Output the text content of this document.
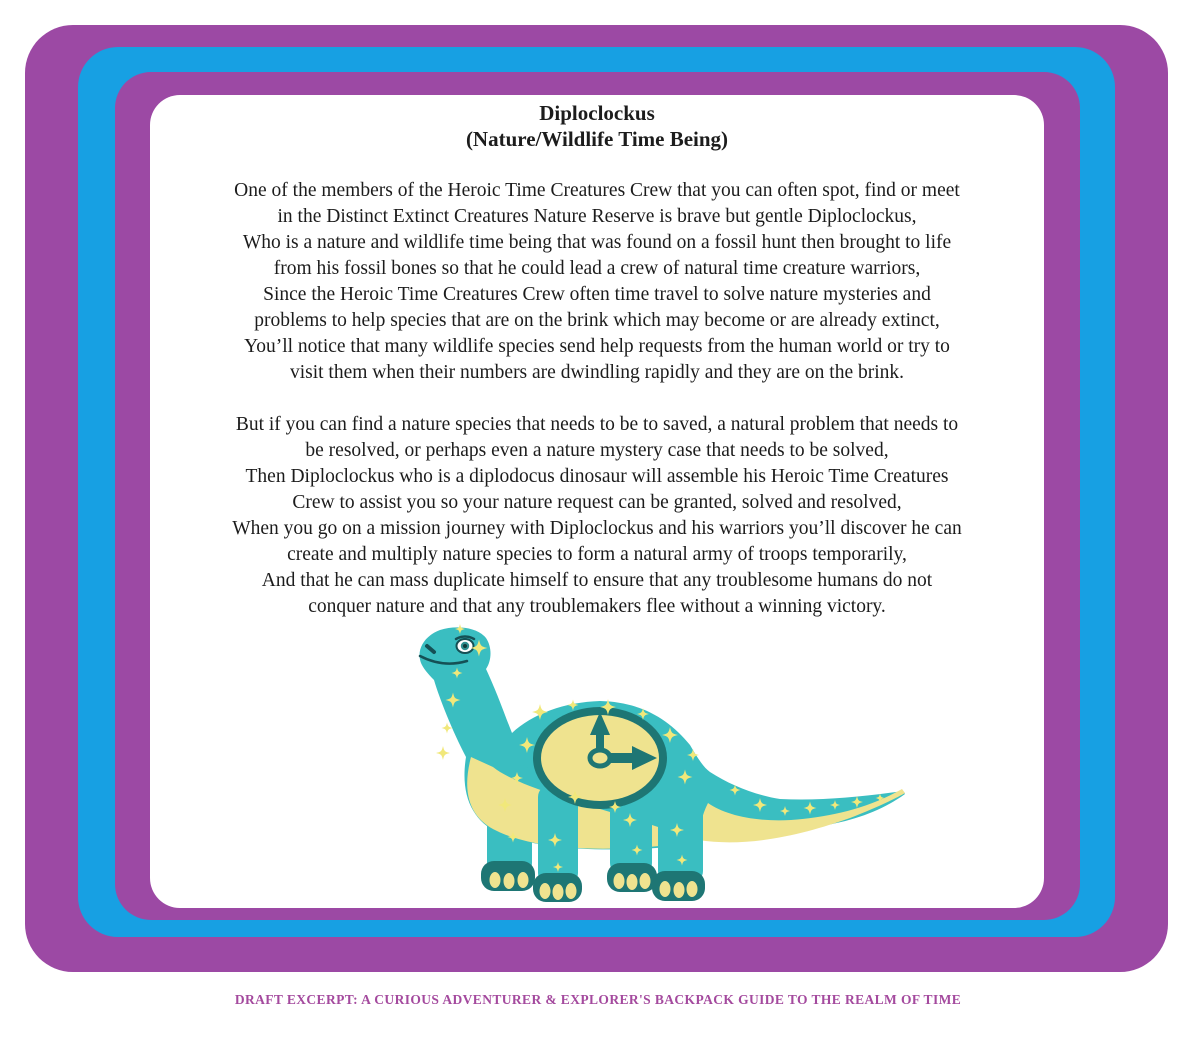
Diploclockus
(Nature/Wildlife Time Being)
One of the members of the Heroic Time Creatures Crew that you can often spot, find or meet
in the Distinct Extinct Creatures Nature Reserve is brave but gentle Diploclockus,
Who is a nature and wildlife time being that was found on a fossil hunt then brought to life
from his fossil bones so that he could lead a crew of natural time creature warriors,
Since the Heroic Time Creatures Crew often time travel to solve nature mysteries and
problems to help species that are on the brink which may become or are already extinct,
You’ll notice that many wildlife species send help requests from the human world or try to
visit them when their numbers are dwindling rapidly and they are on the brink.
But if you can find a nature species that needs to be to saved, a natural problem that needs to
be resolved, or perhaps even a nature mystery case that needs to be solved,
Then Diploclockus who is a diplodocus dinosaur will assemble his Heroic Time Creatures
Crew to assist you so your nature request can be granted, solved and resolved,
When you go on a mission journey with Diploclockus and his warriors you’ll discover he can
create and multiply nature species to form a natural army of troops temporarily,
And that he can mass duplicate himself to ensure that any troublesome humans do not
conquer nature and that any troublemakers flee without a winning victory.
DRAFT EXCERPT: A CURIOUS ADVENTURER & EXPLORER'S BACKPACK GUIDE TO THE REALM OF TIME
